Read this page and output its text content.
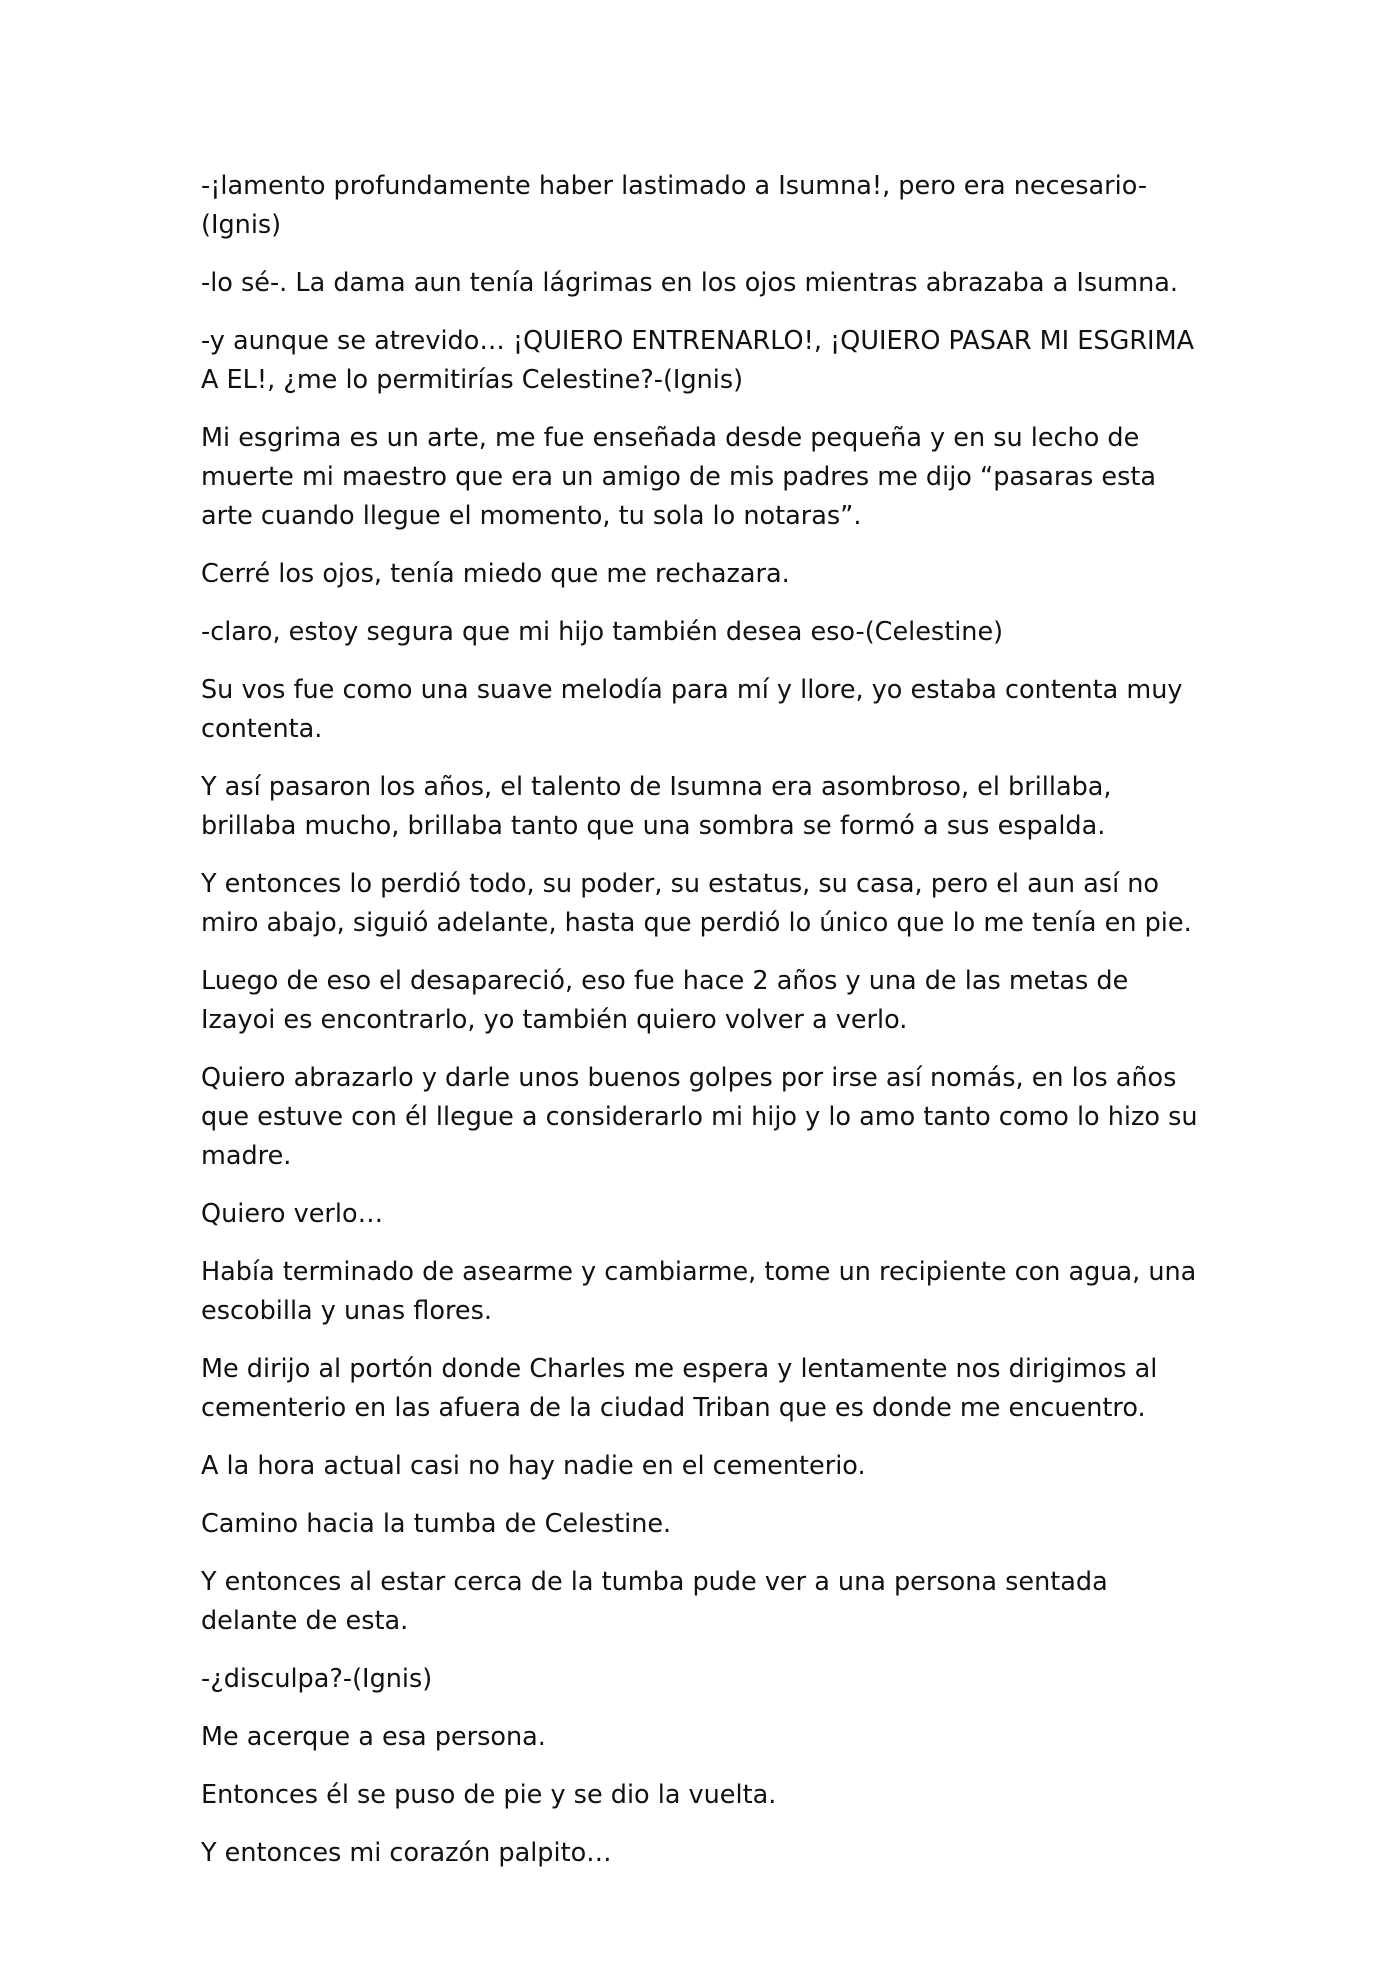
-¡lamento profundamente haber lastimado a Isumna!, pero era necesario-(Ignis)

-lo sé-. La dama aun tenía lágrimas en los ojos mientras abrazaba a Isumna.

-y aunque se atrevido… ¡QUIERO ENTRENARLO!, ¡QUIERO PASAR MI ESGRIMA A EL!, ¿me lo permitirías Celestine?-(Ignis)

Mi esgrima es un arte, me fue enseñada desde pequeña y en su lecho de muerte mi maestro que era un amigo de mis padres me dijo “pasaras esta arte cuando llegue el momento, tu sola lo notaras”.

Cerré los ojos, tenía miedo que me rechazara.

-claro, estoy segura que mi hijo también desea eso-(Celestine)

Su vos fue como una suave melodía para mí y llore, yo estaba contenta muy contenta.

Y así pasaron los años, el talento de Isumna era asombroso, el brillaba, brillaba mucho, brillaba tanto que una sombra se formó a sus espalda.

Y entonces lo perdió todo, su poder, su estatus, su casa, pero el aun así no miro abajo, siguió adelante, hasta que perdió lo único que lo me tenía en pie.

Luego de eso el desapareció, eso fue hace 2 años y una de las metas de Izayoi es encontrarlo, yo también quiero volver a verlo.

Quiero abrazarlo y darle unos buenos golpes por irse así nomás, en los años que estuve con él llegue a considerarlo mi hijo y lo amo tanto como lo hizo su madre.

Quiero verlo…

Había terminado de asearme y cambiarme, tome un recipiente con agua, una escobilla y unas flores.

Me dirijo al portón donde Charles me espera y lentamente nos dirigimos al cementerio en las afuera de la ciudad Triban que es donde me encuentro.

A la hora actual casi no hay nadie en el cementerio.

Camino hacia la tumba de Celestine.

Y entonces al estar cerca de la tumba pude ver a una persona sentada delante de esta.

-¿disculpa?-(Ignis)

Me acerque a esa persona.

Entonces él se puso de pie y se dio la vuelta.

Y entonces mi corazón palpito…
